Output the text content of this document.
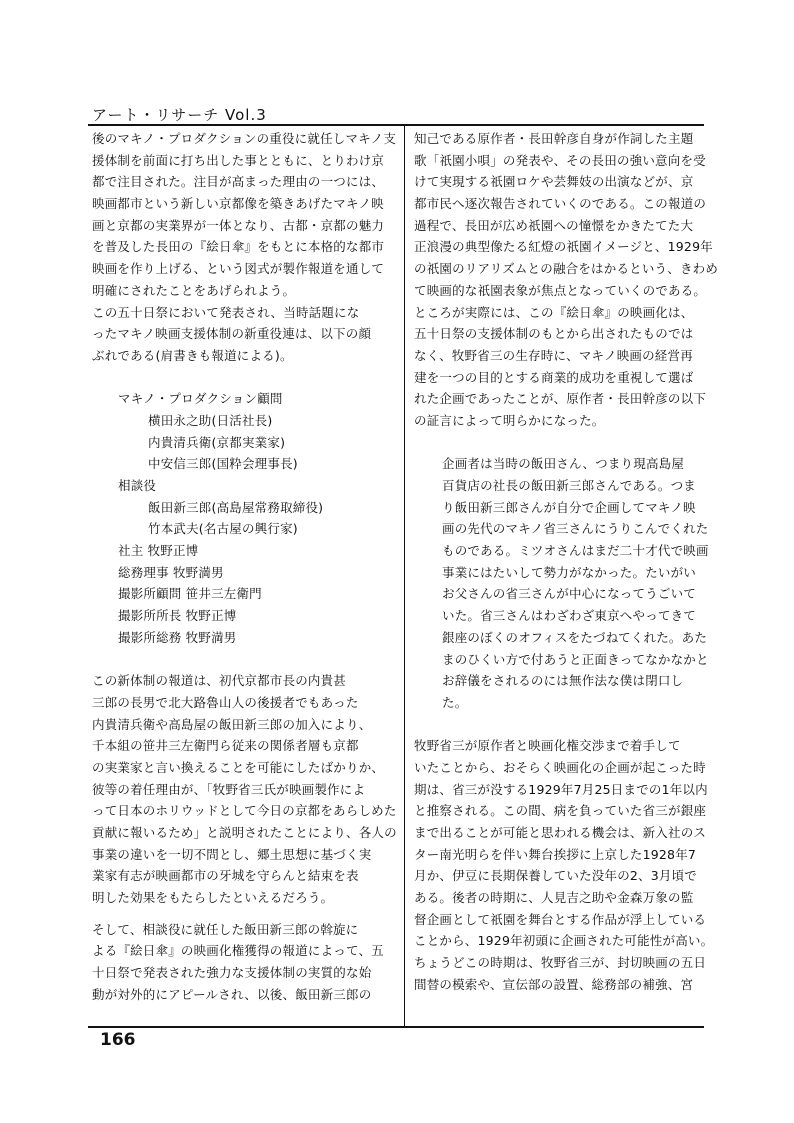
アート・リサーチ Vol.3
後のマキノ・プロダクションの重役に就任しマキノ支
援体制を前面に打ち出した事とともに、とりわけ京
都で注目された。注目が高まった理由の一つには、
映画都市という新しい京都像を築きあげたマキノ映
画と京都の実業界が一体となり、古都・京都の魅力
を普及した長田の『絵日傘』をもとに本格的な都市
映画を作り上げる、という図式が製作報道を通して
明確にされたことをあげられよう。
この五十日祭において発表され、当時話題にな
ったマキノ映画支援体制の新重役連は、以下の顔
ぶれである(肩書きも報道による)。
マキノ・プロダクション顧問
横田永之助(日活社長)
内貴清兵衛(京都実業家)
中安信三郎(国粋会理事長)
相談役
飯田新三郎(高島屋常務取締役)
竹本武夫(名古屋の興行家)
社主 牧野正博
総務理事 牧野満男
撮影所顧問 笹井三左衛門
撮影所所長 牧野正博
撮影所総務 牧野満男
この新体制の報道は、初代京都市長の内貴甚
三郎の長男で北大路魯山人の後援者でもあった
内貴清兵衛や高島屋の飯田新三郎の加入により、
千本組の笹井三左衛門ら従来の関係者層も京都
の実業家と言い換えることを可能にしたばかりか、
彼等の着任理由が、「牧野省三氏が映画製作によ
って日本のホリウッドとして今日の京都をあらしめた
貢献に報いるため」と説明されたことにより、各人の
事業の違いを一切不問とし、郷土思想に基づく実
業家有志が映画都市の牙城を守らんと結束を表
明した効果をもたらしたといえるだろう。
そして、相談役に就任した飯田新三郎の斡旋に
よる『絵日傘』の映画化権獲得の報道によって、五
十日祭で発表された強力な支援体制の実質的な始
動が対外的にアピールされ、以後、飯田新三郎の
知己である原作者・長田幹彦自身が作詞した主題
歌「祇園小唄」の発表や、その長田の強い意向を受
けて実現する祇園ロケや芸舞妓の出演などが、京
都市民へ逐次報告されていくのである。この報道の
過程で、長田が広め祇園への憧憬をかきたてた大
正浪漫の典型像たる紅燈の祇園イメージと、1929年
の祇園のリアリズムとの融合をはかるという、きわめ
て映画的な祇園表象が焦点となっていくのである。
ところが実際には、この『絵日傘』の映画化は、
五十日祭の支援体制のもとから出されたものでは
なく、牧野省三の生存時に、マキノ映画の経営再
建を一つの目的とする商業的成功を重視して選ば
れた企画であったことが、原作者・長田幹彦の以下
の証言によって明らかになった。
企画者は当時の飯田さん、つまり現高島屋
百貨店の社長の飯田新三郎さんである。つま
り飯田新三郎さんが自分で企画してマキノ映
画の先代のマキノ省三さんにうりこんでくれた
ものである。ミツオさんはまだ二十才代で映画
事業にはたいして勢力がなかった。たいがい
お父さんの省三さんが中心になってうごいて
いた。省三さんはわざわざ東京へやってきて
銀座のぼくのオフィスをたづねてくれた。あた
まのひくい方で付あうと正面きってなかなかと
お辞儀をされるのには無作法な僕は閉口し
た。
牧野省三が原作者と映画化権交渉まで着手して
いたことから、おそらく映画化の企画が起こった時
期は、省三が没する1929年7月25日までの1年以内
と推察される。この間、病を負っていた省三が銀座
まで出ることが可能と思われる機会は、新入社のス
ター南光明らを伴い舞台挨拶に上京した1928年7
月か、伊豆に長期保養していた没年の2、3月頃で
ある。後者の時期に、人見吉之助や金森万象の監
督企画として祇園を舞台とする作品が浮上している
ことから、1929年初頭に企画された可能性が高い。
ちょうどこの時期は、牧野省三が、封切映画の五日
間替の模索や、宣伝部の設置、総務部の補強、宮
166
